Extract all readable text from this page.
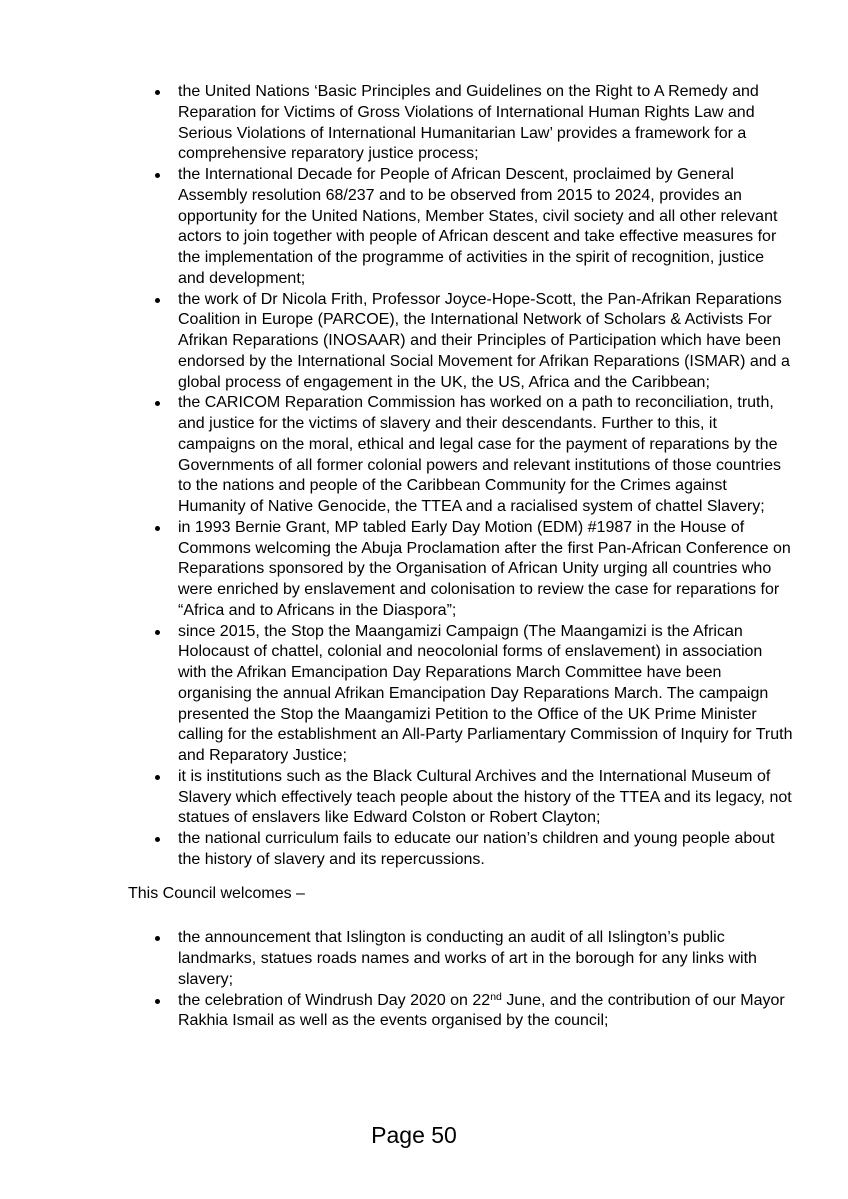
the United Nations ‘Basic Principles and Guidelines on the Right to A Remedy and Reparation for Victims of Gross Violations of International Human Rights Law and Serious Violations of International Humanitarian Law’ provides a framework for a comprehensive reparatory justice process;
the International Decade for People of African Descent, proclaimed by General Assembly resolution 68/237 and to be observed from 2015 to 2024, provides an opportunity for the United Nations, Member States, civil society and all other relevant actors to join together with people of African descent and take effective measures for the implementation of the programme of activities in the spirit of recognition, justice and development;
the work of Dr Nicola Frith, Professor Joyce-Hope-Scott, the Pan-Afrikan Reparations Coalition in Europe (PARCOE), the International Network of Scholars & Activists For Afrikan Reparations (INOSAAR) and their Principles of Participation which have been endorsed by the International Social Movement for Afrikan Reparations (ISMAR) and a global process of engagement in the UK, the US, Africa and the Caribbean;
the CARICOM Reparation Commission has worked on a path to reconciliation, truth, and justice for the victims of slavery and their descendants. Further to this, it campaigns on the moral, ethical and legal case for the payment of reparations by the Governments of all former colonial powers and relevant institutions of those countries to the nations and people of the Caribbean Community for the Crimes against Humanity of Native Genocide, the TTEA and a racialised system of chattel Slavery;
in 1993 Bernie Grant, MP tabled Early Day Motion (EDM) #1987 in the House of Commons welcoming the Abuja Proclamation after the first Pan-African Conference on Reparations sponsored by the Organisation of African Unity urging all countries who were enriched by enslavement and colonisation to review the case for reparations for “Africa and to Africans in the Diaspora”;
since 2015, the Stop the Maangamizi Campaign (The Maangamizi is the African Holocaust of chattel, colonial and neocolonial forms of enslavement) in association with the Afrikan Emancipation Day Reparations March Committee have been organising the annual Afrikan Emancipation Day Reparations March. The campaign presented the Stop the Maangamizi Petition to the Office of the UK Prime Minister calling for the establishment an All-Party Parliamentary Commission of Inquiry for Truth and Reparatory Justice;
it is institutions such as the Black Cultural Archives and the International Museum of Slavery which effectively teach people about the history of the TTEA and its legacy, not statues of enslavers like Edward Colston or Robert Clayton;
the national curriculum fails to educate our nation’s children and young people about the history of slavery and its repercussions.

This Council welcomes –

the announcement that Islington is conducting an audit of all Islington’s public landmarks, statues roads names and works of art in the borough for any links with slavery;
the celebration of Windrush Day 2020 on 22nd June, and the contribution of our Mayor Rakhia Ismail as well as the events organised by the council;
Page 50
